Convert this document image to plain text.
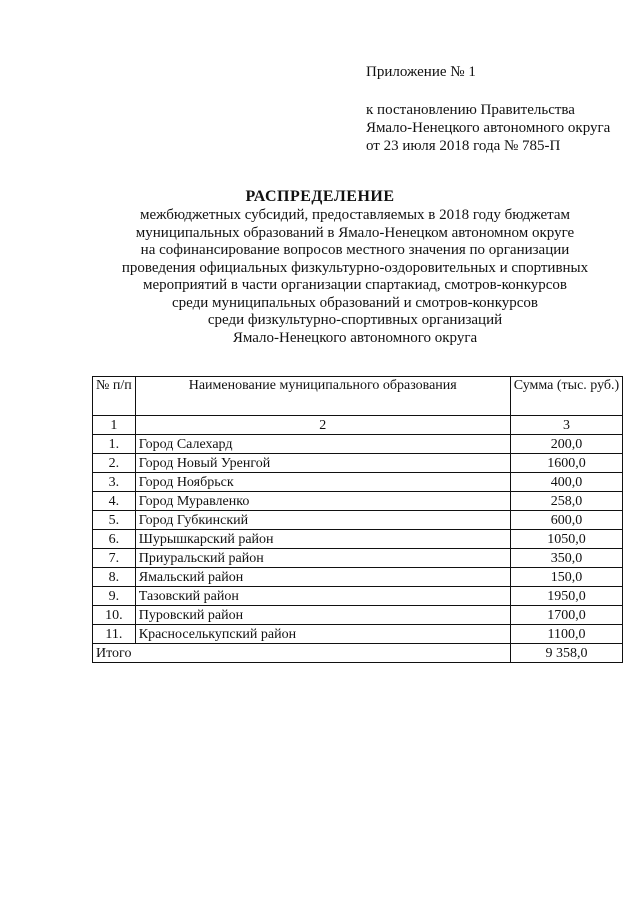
Приложение № 1
к постановлению Правительства
Ямало-Ненецкого автономного округа
от 23 июля 2018 года № 785-П
РАСПРЕДЕЛЕНИЕ
межбюджетных субсидий, предоставляемых в 2018 году бюджетам
муниципальных образований в Ямало-Ненецком автономном округе
на софинансирование вопросов местного значения по организации
проведения официальных физкультурно-оздоровительных и спортивных
мероприятий в части организации спартакиад, смотров-конкурсов
среди муниципальных образований и смотров-конкурсов
среди физкультурно-спортивных организаций
Ямало-Ненецкого автономного округа
№ п/п	Наименование муниципального образования	Сумма (тыс. руб.)
1	2	3
1.	Город Салехард	200,0
2.	Город Новый Уренгой	1600,0
3.	Город Ноябрьск	400,0
4.	Город Муравленко	258,0
5.	Город Губкинский	600,0
6.	Шурышкарский район	1050,0
7.	Приуральский район	350,0
8.	Ямальский район	150,0
9.	Тазовский район	1950,0
10.	Пуровский район	1700,0
11.	Красноселькупский район	1100,0
Итого		9 358,0
